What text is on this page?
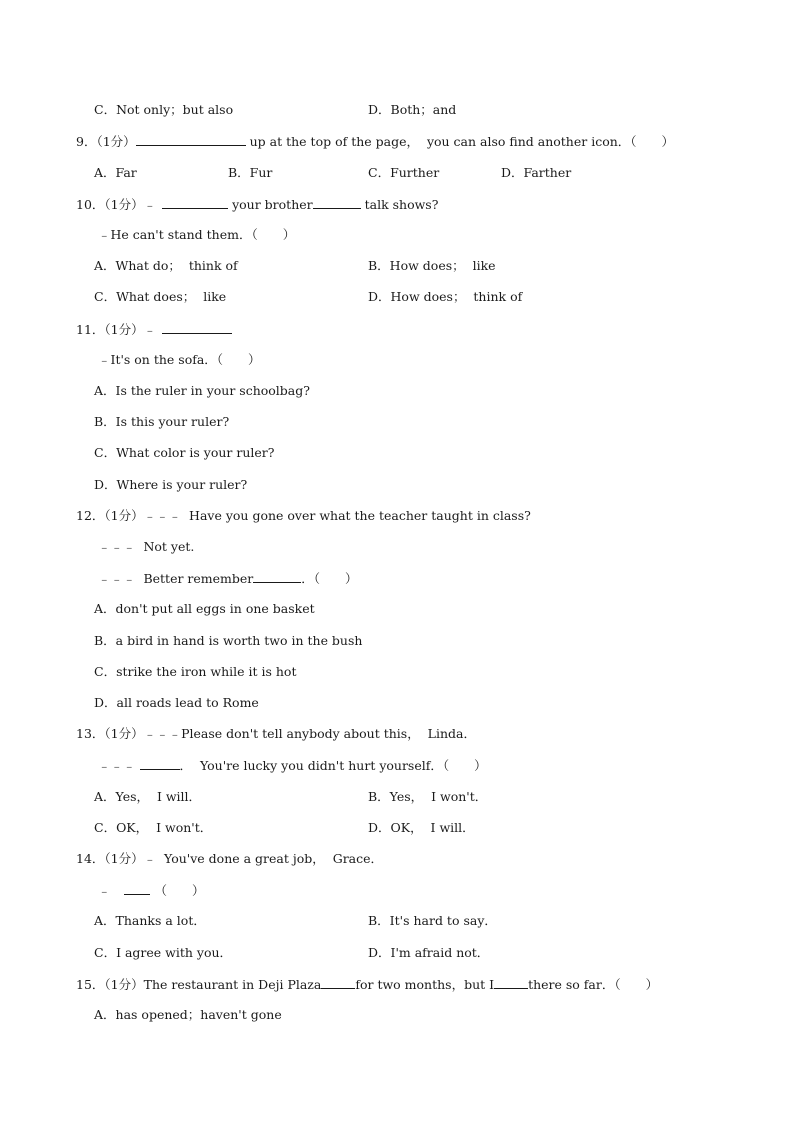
C．Not only；but also	D．Both；and
9．（1分）	up at the top of the page，  you can also find another icon．（　　）
A．Far	B．Fur	C．Further	D．Farther
10．（1分）﹣	your brother	talk shows?
﹣He can't stand them．（　　）
A．What do；  think of	B．How does；  like
C．What does；  like	D．How does；  think of
11．（1分）﹣
﹣It's on the sofa．（　　）
A．Is the ruler in your schoolbag?
B．Is this your ruler?
C．What color is your ruler?
D．Where is your ruler?
12．（1分）﹣﹣﹣  Have you gone over what the teacher taught in class?
﹣﹣﹣  Not yet.
﹣﹣﹣  Better remember	．（　　）
A．don't put all eggs in one basket
B．a bird in hand is worth two in the bush
C．strike the iron while it is hot
D．all roads lead to Rome
13．（1分）﹣﹣﹣Please don't tell anybody about this，  Linda．
﹣﹣﹣	．  You're lucky you didn't hurt yourself．（　　）
A．Yes，  I will．	B．Yes，  I won't．
C．OK，  I won't．	D．OK，  I will．
14．（1分）﹣  You've done a great job，  Grace．
﹣	（　　）
A．Thanks a lot．	B．It's hard to say．
C．I agree with you．	D．I'm afraid not．
15．（1分）The restaurant in Deji Plaza	for two months，but I	there so far．（　　）
A．has opened；haven't gone
